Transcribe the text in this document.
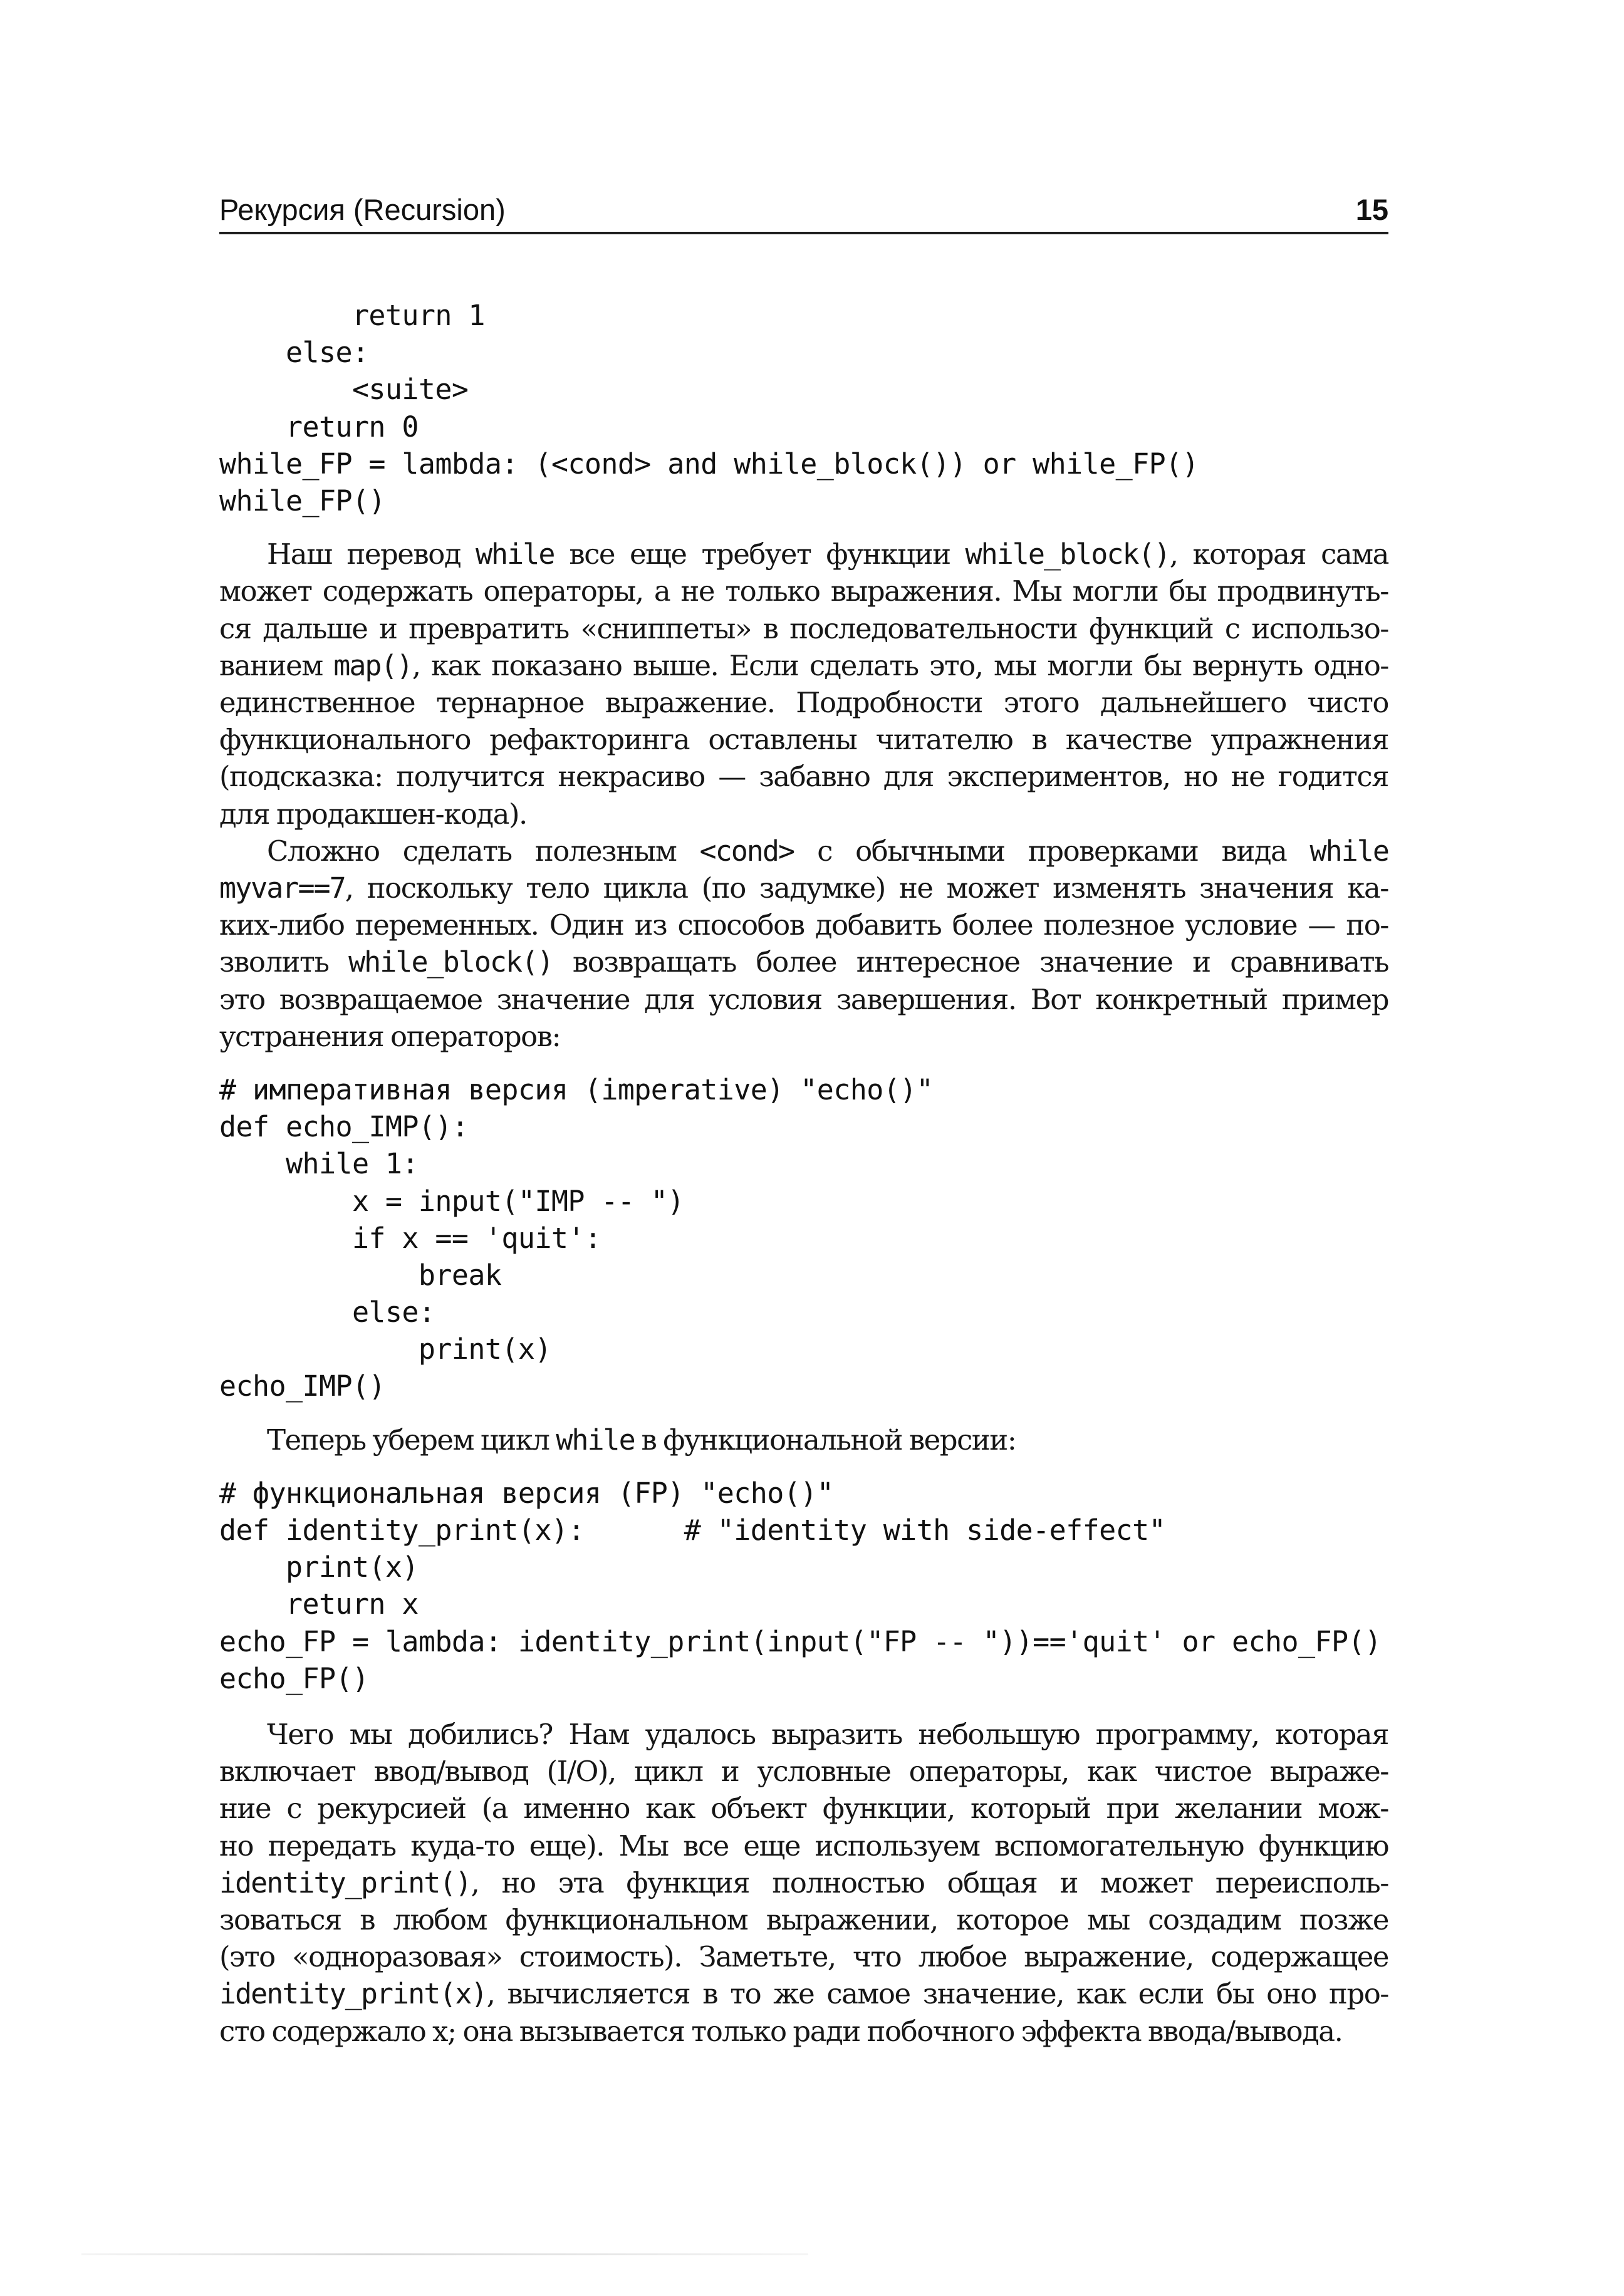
Рекурсия (Recursion)	15
return 1
else:
<suite>
return 0
while_FP = lambda: (<cond> and while_block()) or while_FP()
while_FP()
Наш перевод while все еще требует функции while_block(), которая сама
может содержать операторы, а не только выражения. Мы могли бы продвинуть-
ся дальше и превратить «сниппеты» в последовательности функций с использо-
ванием map(), как показано выше. Если сделать это, мы могли бы вернуть одно-
единственное тернарное выражение. Подробности этого дальнейшего чисто
функционального рефакторинга оставлены читателю в качестве упражнения
(подсказка: получится некрасиво — забавно для экспериментов, но не годится
для продакшен-кода).
Сложно сделать полезным <cond> с обычными проверками вида while
myvar==7, поскольку тело цикла (по задумке) не может изменять значения ка-
ких-либо переменных. Один из способов добавить более полезное условие — по-
зволить while_block() возвращать более интересное значение и сравнивать
это возвращаемое значение для условия завершения. Вот конкретный пример
устранения операторов:
# императивная версия (imperative) "echo()"
def echo_IMP():
while 1:
x = input("IMP -- ")
if x == 'quit':
break
else:
print(x)
echo_IMP()
Теперь уберем цикл while в функциональной версии:
# функциональная версия (FP) "echo()"
def identity_print(x):      # "identity with side-effect"
print(x)
return x
echo_FP = lambda: identity_print(input("FP -- "))=='quit' or echo_FP()
echo_FP()
Чего мы добились? Нам удалось выразить небольшую программу, которая
включает ввод/вывод (I/O), цикл и условные операторы, как чистое выраже-
ние с рекурсией (а именно как объект функции, который при желании мож-
но передать куда-то еще). Мы все еще используем вспомогательную функцию
identity_print(), но эта функция полностью общая и может переисполь-
зоваться в любом функциональном выражении, которое мы создадим позже
(это «одноразовая» стоимость). Заметьте, что любое выражение, содержащее
identity_print(x), вычисляется в то же самое значение, как если бы оно про-
сто содержало x; она вызывается только ради побочного эффекта ввода/вывода.
